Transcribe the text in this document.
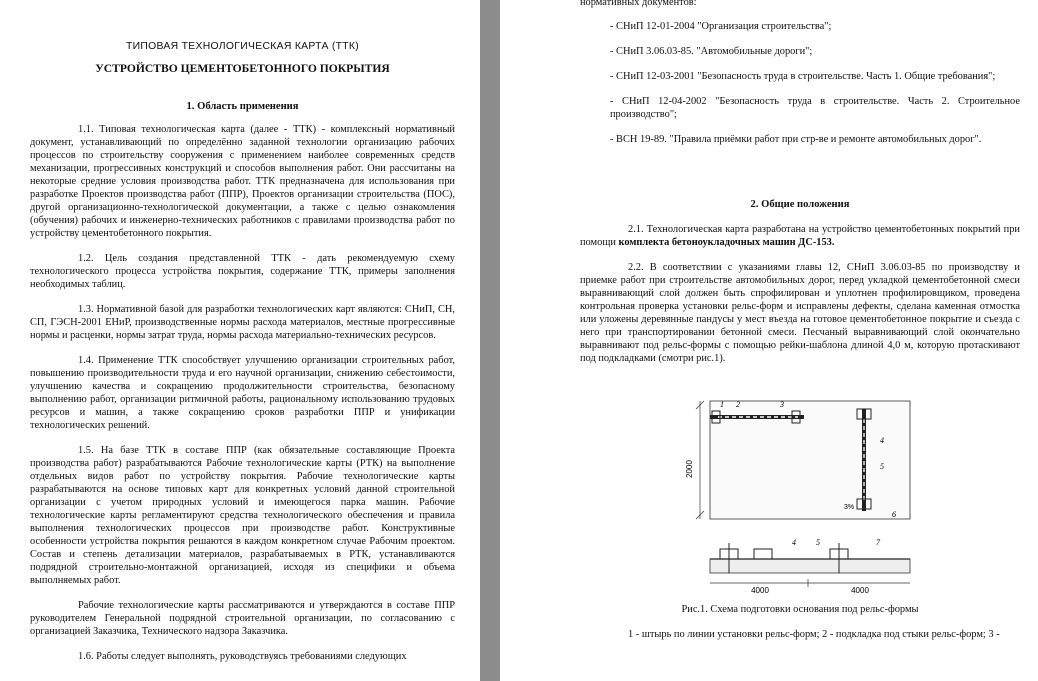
ТИПОВАЯ ТЕХНОЛОГИЧЕСКАЯ КАРТА (ТТК)

УСТРОЙСТВО ЦЕМЕНТОБЕТОННОГО ПОКРЫТИЯ

1. Область применения

1.1. Типовая технологическая карта (далее - ТТК) - комплексный нормативный документ, устанавливающий по определённо заданной технологии организацию рабочих процессов по строительству сооружения с применением наиболее современных средств механизации, прогрессивных конструкций и способов выполнения работ. Они рассчитаны на некоторые средние условия производства работ. ТТК предназначена для использования при разработке Проектов производства работ (ППР), Проектов организации строительства (ПОС), другой организационно-технологической документации, а также с целью ознакомления (обучения) рабочих и инженерно-технических работников с правилами производства работ по устройству цементобетонного покрытия.

1.2. Цель создания представленной ТТК - дать рекомендуемую схему технологического процесса устройства покрытия, содержание ТТК, примеры заполнения необходимых таблиц.

1.3. Нормативной базой для разработки технологических карт являются: СНиП, СН, СП, ГЭСН-2001 ЕНиР, производственные нормы расхода материалов, местные прогрессивные нормы и расценки, нормы затрат труда, нормы расхода материально-технических ресурсов.

1.4. Применение ТТК способствует улучшению организации строительных работ, повышению производительности труда и его научной организации, снижению себестоимости, улучшению качества и сокращению продолжительности строительства, безопасному выполнению работ, организации ритмичной работы, рациональному использованию трудовых ресурсов и машин, а также сокращению сроков разработки ППР и унификации технологических решений.

1.5. На базе ТТК в составе ППР (как обязательные составляющие Проекта производства работ) разрабатываются Рабочие технологические карты (РТК) на выполнение отдельных видов работ по устройству покрытия. Рабочие технологические карты разрабатываются на основе типовых карт для конкретных условий данной строительной организации с учетом природных условий и имеющегося парка машин. Рабочие технологические карты регламентируют средства технологического обеспечения и правила выполнения технологических процессов при производстве работ. Конструктивные особенности устройства покрытия решаются в каждом конкретном случае Рабочим проектом. Состав и степень детализации материалов, разрабатываемых в РТК, устанавливаются подрядной строительно-монтажной организацией, исходя из специфики и объема выполняемых работ.

Рабочие технологические карты рассматриваются и утверждаются в составе ППР руководителем Генеральной подрядной строительной организации, по согласованию с организацией Заказчика, Технического надзора Заказчика.

1.6. Работы следует выполнять, руководствуясь требованиями следующих

нормативных документов:

- СНиП 12-01-2004 "Организация строительства";

- СНиП 3.06.03-85. "Автомобильные дороги";

- СНиП 12-03-2001 "Безопасность труда в строительстве. Часть 1. Общие требования";

- СНиП 12-04-2002 "Безопасность труда в строительстве. Часть 2. Строительное производство";

- ВСН 19-89. "Правила приёмки работ при стр-ве и ремонте автомобильных дорог".

2. Общие положения

2.1. Технологическая карта разработана на устройство цементобетонных покрытий при помощи комплекта бетоноукладочных машин ДС-153.

2.2. В соответствии с указаниями главы 12, СНиП 3.06.03-85 по производству и приемке работ при строительстве автомобильных дорог, перед укладкой цементобетонной смеси выравнивающий слой должен быть спрофилирован и уплотнен профилировщиком, проведена контрольная проверка установки рельс-форм и исправлены дефекты, сделана каменная отмостка или уложены деревянные пандусы у мест въезда на готовое цементобетонное покрытие и съезда с него при транспортировании бетонной смеси. Песчаный выравнивающий слой окончательно выравнивают под рельс-формы с помощью рейки-шаблона длиной 4,0 м, которую протаскивают под подкладками (смотри рис.1).

2000
3%
1 2	3
4
5
6
4000	4000
4	5	7

Рис.1. Схема подготовки основания под рельс-формы

1 - штырь по линии установки рельс-форм; 2 - подкладка под стыки рельс-форм; 3 -
